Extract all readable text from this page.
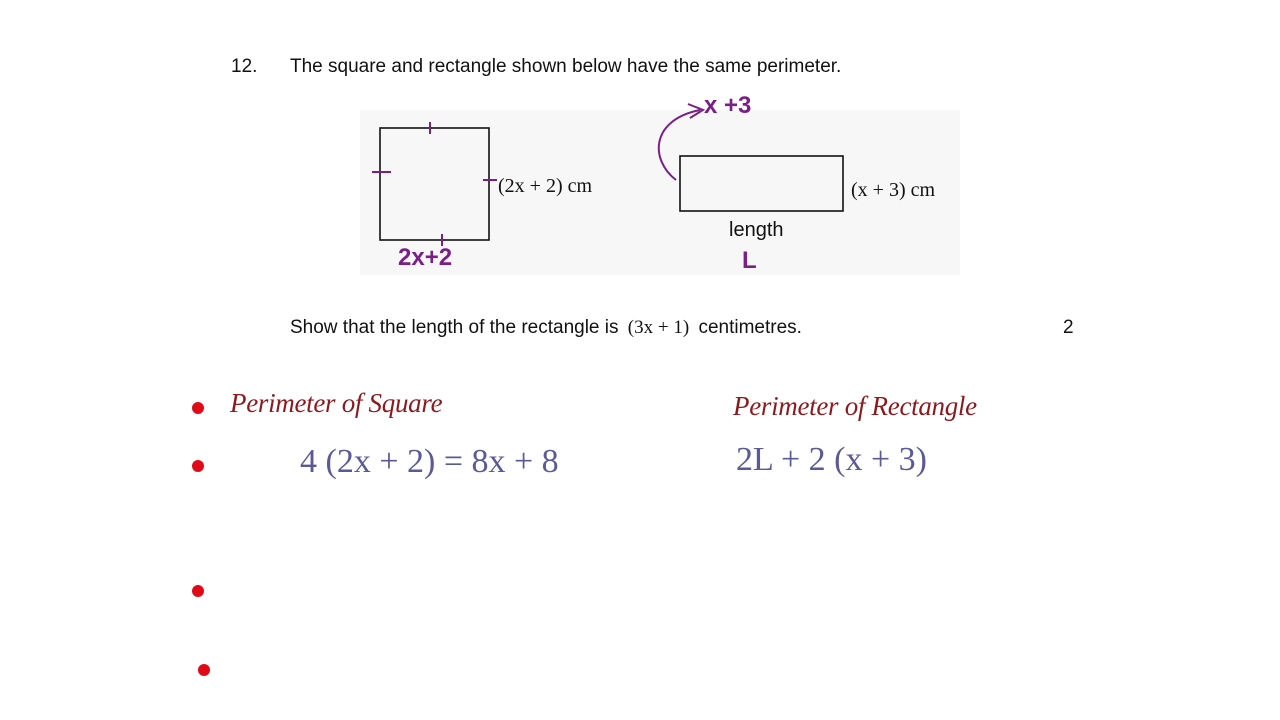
12. The square and rectangle shown below have the same perimeter.
(2x + 2) cm	(x + 3) cm
length
2x+2
x +3
L
Show that the length of the rectangle is (3x + 1) centimetres.	2
Perimeter of Square
4 (2x + 2) = 8x + 8
Perimeter of Rectangle
2L + 2 (x + 3)
